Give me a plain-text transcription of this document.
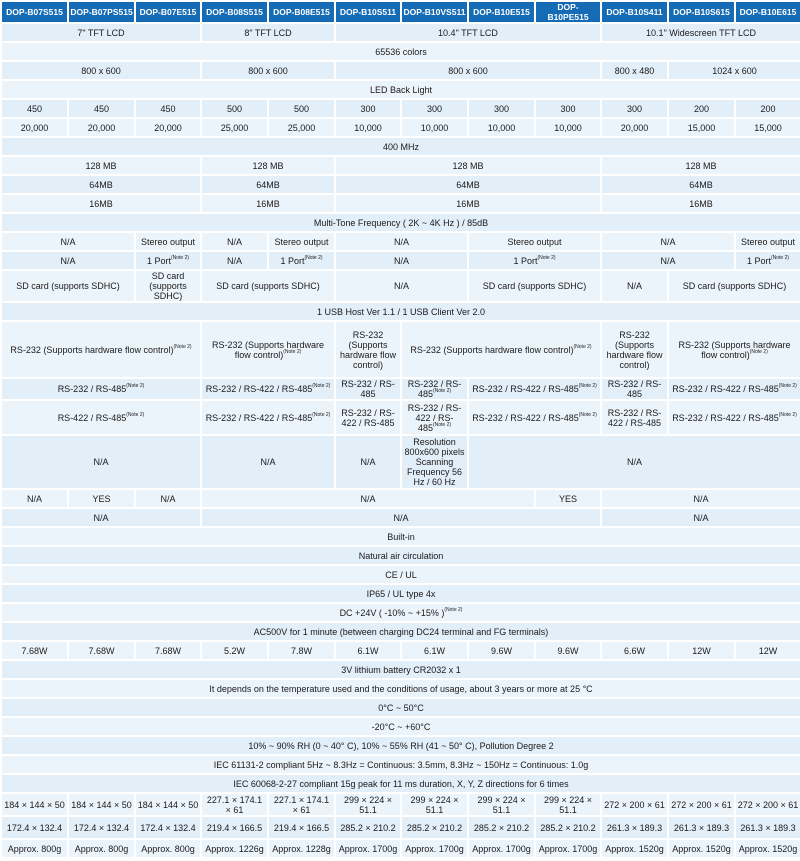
DOP-B07S515	DOP-B07PS515	DOP-B07E515	DOP-B08S515	DOP-B08E515	DOP-B10S511	DOP-B10VS511	DOP-B10E515	DOP-B10PE515	DOP-B10S411	DOP-B10S615	DOP-B10E615
7" TFT LCD			8" TFT LCD		10.4" TFT LCD				10.1" Widescreen TFT LCD		
65536 colors											
800 x 600			800 x 600		800 x 600				800 x 480	1024 x 600	
LED Back Light											
450	450	450	500	500	300	300	300	300	300	200	200
20,000	20,000	20,000	25,000	25,000	10,000	10,000	10,000	10,000	20,000	15,000	15,000
400 MHz											
128 MB			128 MB		128 MB				128 MB		
64MB			64MB		64MB				64MB		
16MB			16MB		16MB				16MB		
Multi-Tone Frequency ( 2K ~ 4K Hz ) / 85dB											
N/A		Stereo output	N/A	Stereo output	N/A		Stereo output		N/A		Stereo output
N/A		1 Port$^{(Note 2)}$	N/A	1 Port$^{(Note 2)}$	N/A		1 Port$^{(Note 2)}$		N/A		1 Port$^{(Note 2)}$
SD card (supports SDHC)		SD card (supports SDHC)	SD card (supports SDHC)		N/A		SD card (supports SDHC)		N/A	SD card (supports SDHC)	
1 USB Host Ver 1.1 / 1 USB Client Ver 2.0											
RS-232 (Supports hardware flow control)$^{(Note 2)}$			RS-232 (Supports hardware flow control)$^{(Note 2)}$		RS-232 (Supports hardware flow control)	RS-232 (Supports hardware flow control)$^{(Note 2)}$			RS-232 (Supports hardware flow control)	RS-232 (Supports hardware flow control)$^{(Note 2)}$
RS-232 / RS-485$^{(Note 2)}$			RS-232 / RS-422 / RS-485$^{(Note 2)}$		RS-232 / RS-485	RS-232 / RS-485$^{(Note 2)}$	RS-232 / RS-422 / RS-485$^{(Note 2)}$		RS-232 / RS-485	RS-232 / RS-422 / RS-485$^{(Note 2)}$
RS-422 / RS-485$^{(Note 2)}$			RS-232 / RS-422 / RS-485$^{(Note 2)}$		RS-232 / RS-422 / RS-485	RS-232 / RS-422 / RS-485$^{(Note 2)}$	RS-232 / RS-422 / RS-485$^{(Note 2)}$		RS-232 / RS-422 / RS-485	RS-232 / RS-422 / RS-485$^{(Note 2)}$
N/A			N/A		N/A	Resolution 800x600 pixels Scanning Frequency 56 Hz / 60 Hz	N/A				
N/A	YES	N/A	N/A					YES	N/A		
N/A			N/A						N/A		
Built-in											
Natural air circulation											
CE / UL											
IP65 / UL type 4x											
DC +24V ( -10% ~ +15% )$^{(Note 2)}$
AC500V for 1 minute (between charging DC24 terminal and FG terminals)											
7.68W	7.68W	7.68W	5.2W	7.8W	6.1W	6.1W	9.6W	9.6W	6.6W	12W	12W
3V lithium battery CR2032 x 1											
It depends on the temperature used and the conditions of usage, about 3 years or more at 25 °C											
0°C ~ 50°C											
-20°C ~ +60°C											
10% ~ 90% RH (0 ~ 40° C), 10% ~ 55% RH (41 ~ 50° C), Pollution Degree 2											
IEC 61131-2 compliant 5Hz ~ 8.3Hz = Continuous: 3.5mm, 8.3Hz ~ 150Hz = Continuous: 1.0g											
IEC 60068-2-27 compliant 15g peak for 11 ms duration, X, Y, Z directions for 6 times											
184 × 144 × 50	184 × 144 × 50	184 × 144 × 50	227.1 × 174.1 × 61	227.1 × 174.1 × 61	299 × 224 × 51.1	299 × 224 × 51.1	299 × 224 × 51.1	299 × 224 × 51.1	272 × 200 × 61	272 × 200 × 61	272 × 200 × 61
172.4 × 132.4	172.4 × 132.4	172.4 × 132.4	219.4 × 166.5	219.4 × 166.5	285.2 × 210.2	285.2 × 210.2	285.2 × 210.2	285.2 × 210.2	261.3 × 189.3	261.3 × 189.3	261.3 × 189.3
Approx. 800g	Approx. 800g	Approx. 800g	Approx. 1226g	Approx. 1228g	Approx. 1700g	Approx. 1700g	Approx. 1700g	Approx. 1700g	Approx. 1520g	Approx. 1520g	Approx. 1520g
